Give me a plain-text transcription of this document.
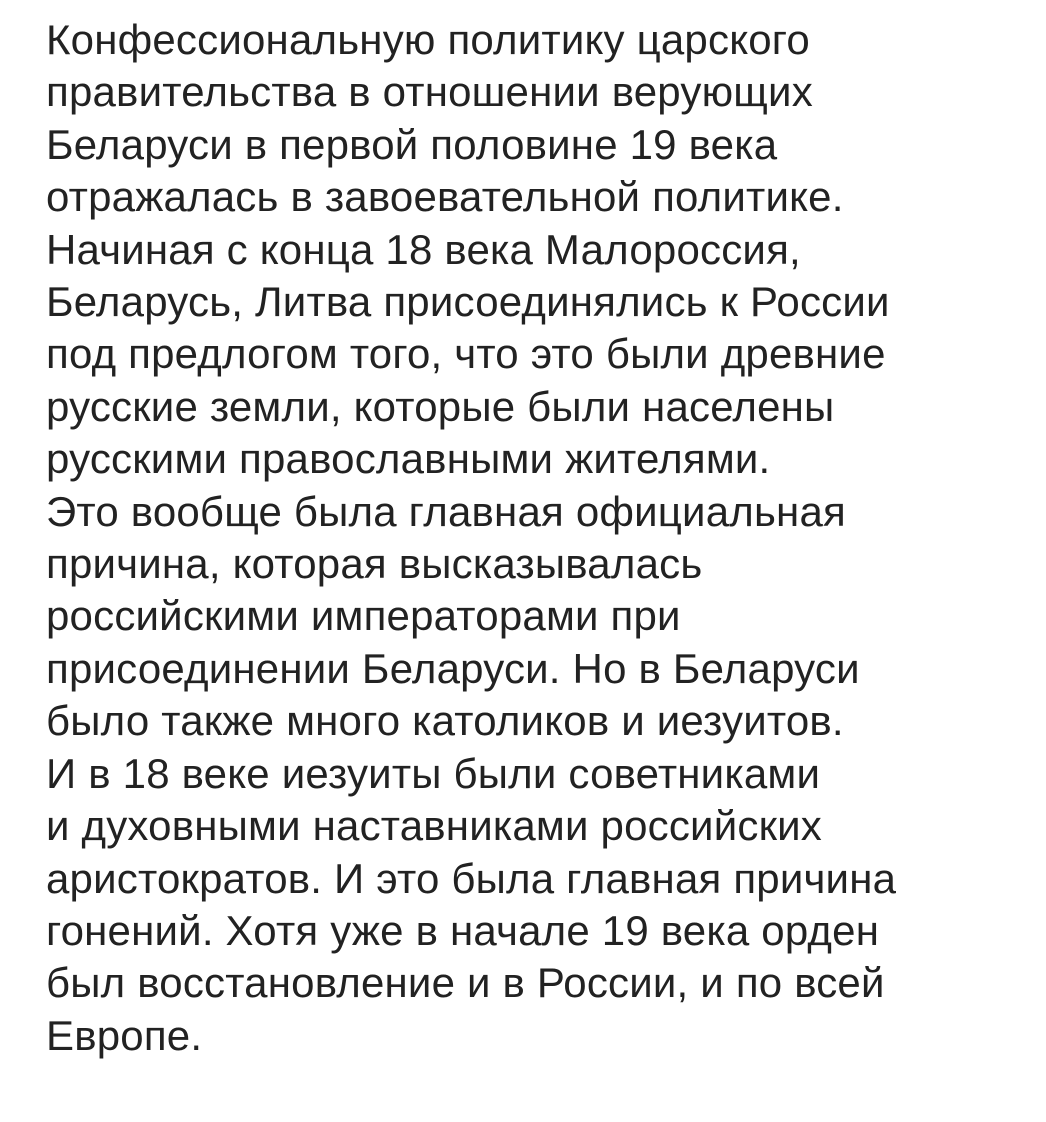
Конфессиональную политику царского
правительства в отношении верующих
Беларуси в первой половине 19 века
отражалась в завоевательной политике.
Начиная с конца 18 века Малороссия,
Беларусь, Литва присоединялись к России
под предлогом того, что это были древние
русские земли, которые были населены
русскими православными жителями.
Это вообще была главная официальная
причина, которая высказывалась
российскими императорами при
присоединении Беларуси. Но в Беларуси
было также много католиков и иезуитов.
И в 18 веке иезуиты были советниками
и духовными наставниками российских
аристократов. И это была главная причина
гонений. Хотя уже в начале 19 века орден
был восстановление и в России, и по всей
Европе.
